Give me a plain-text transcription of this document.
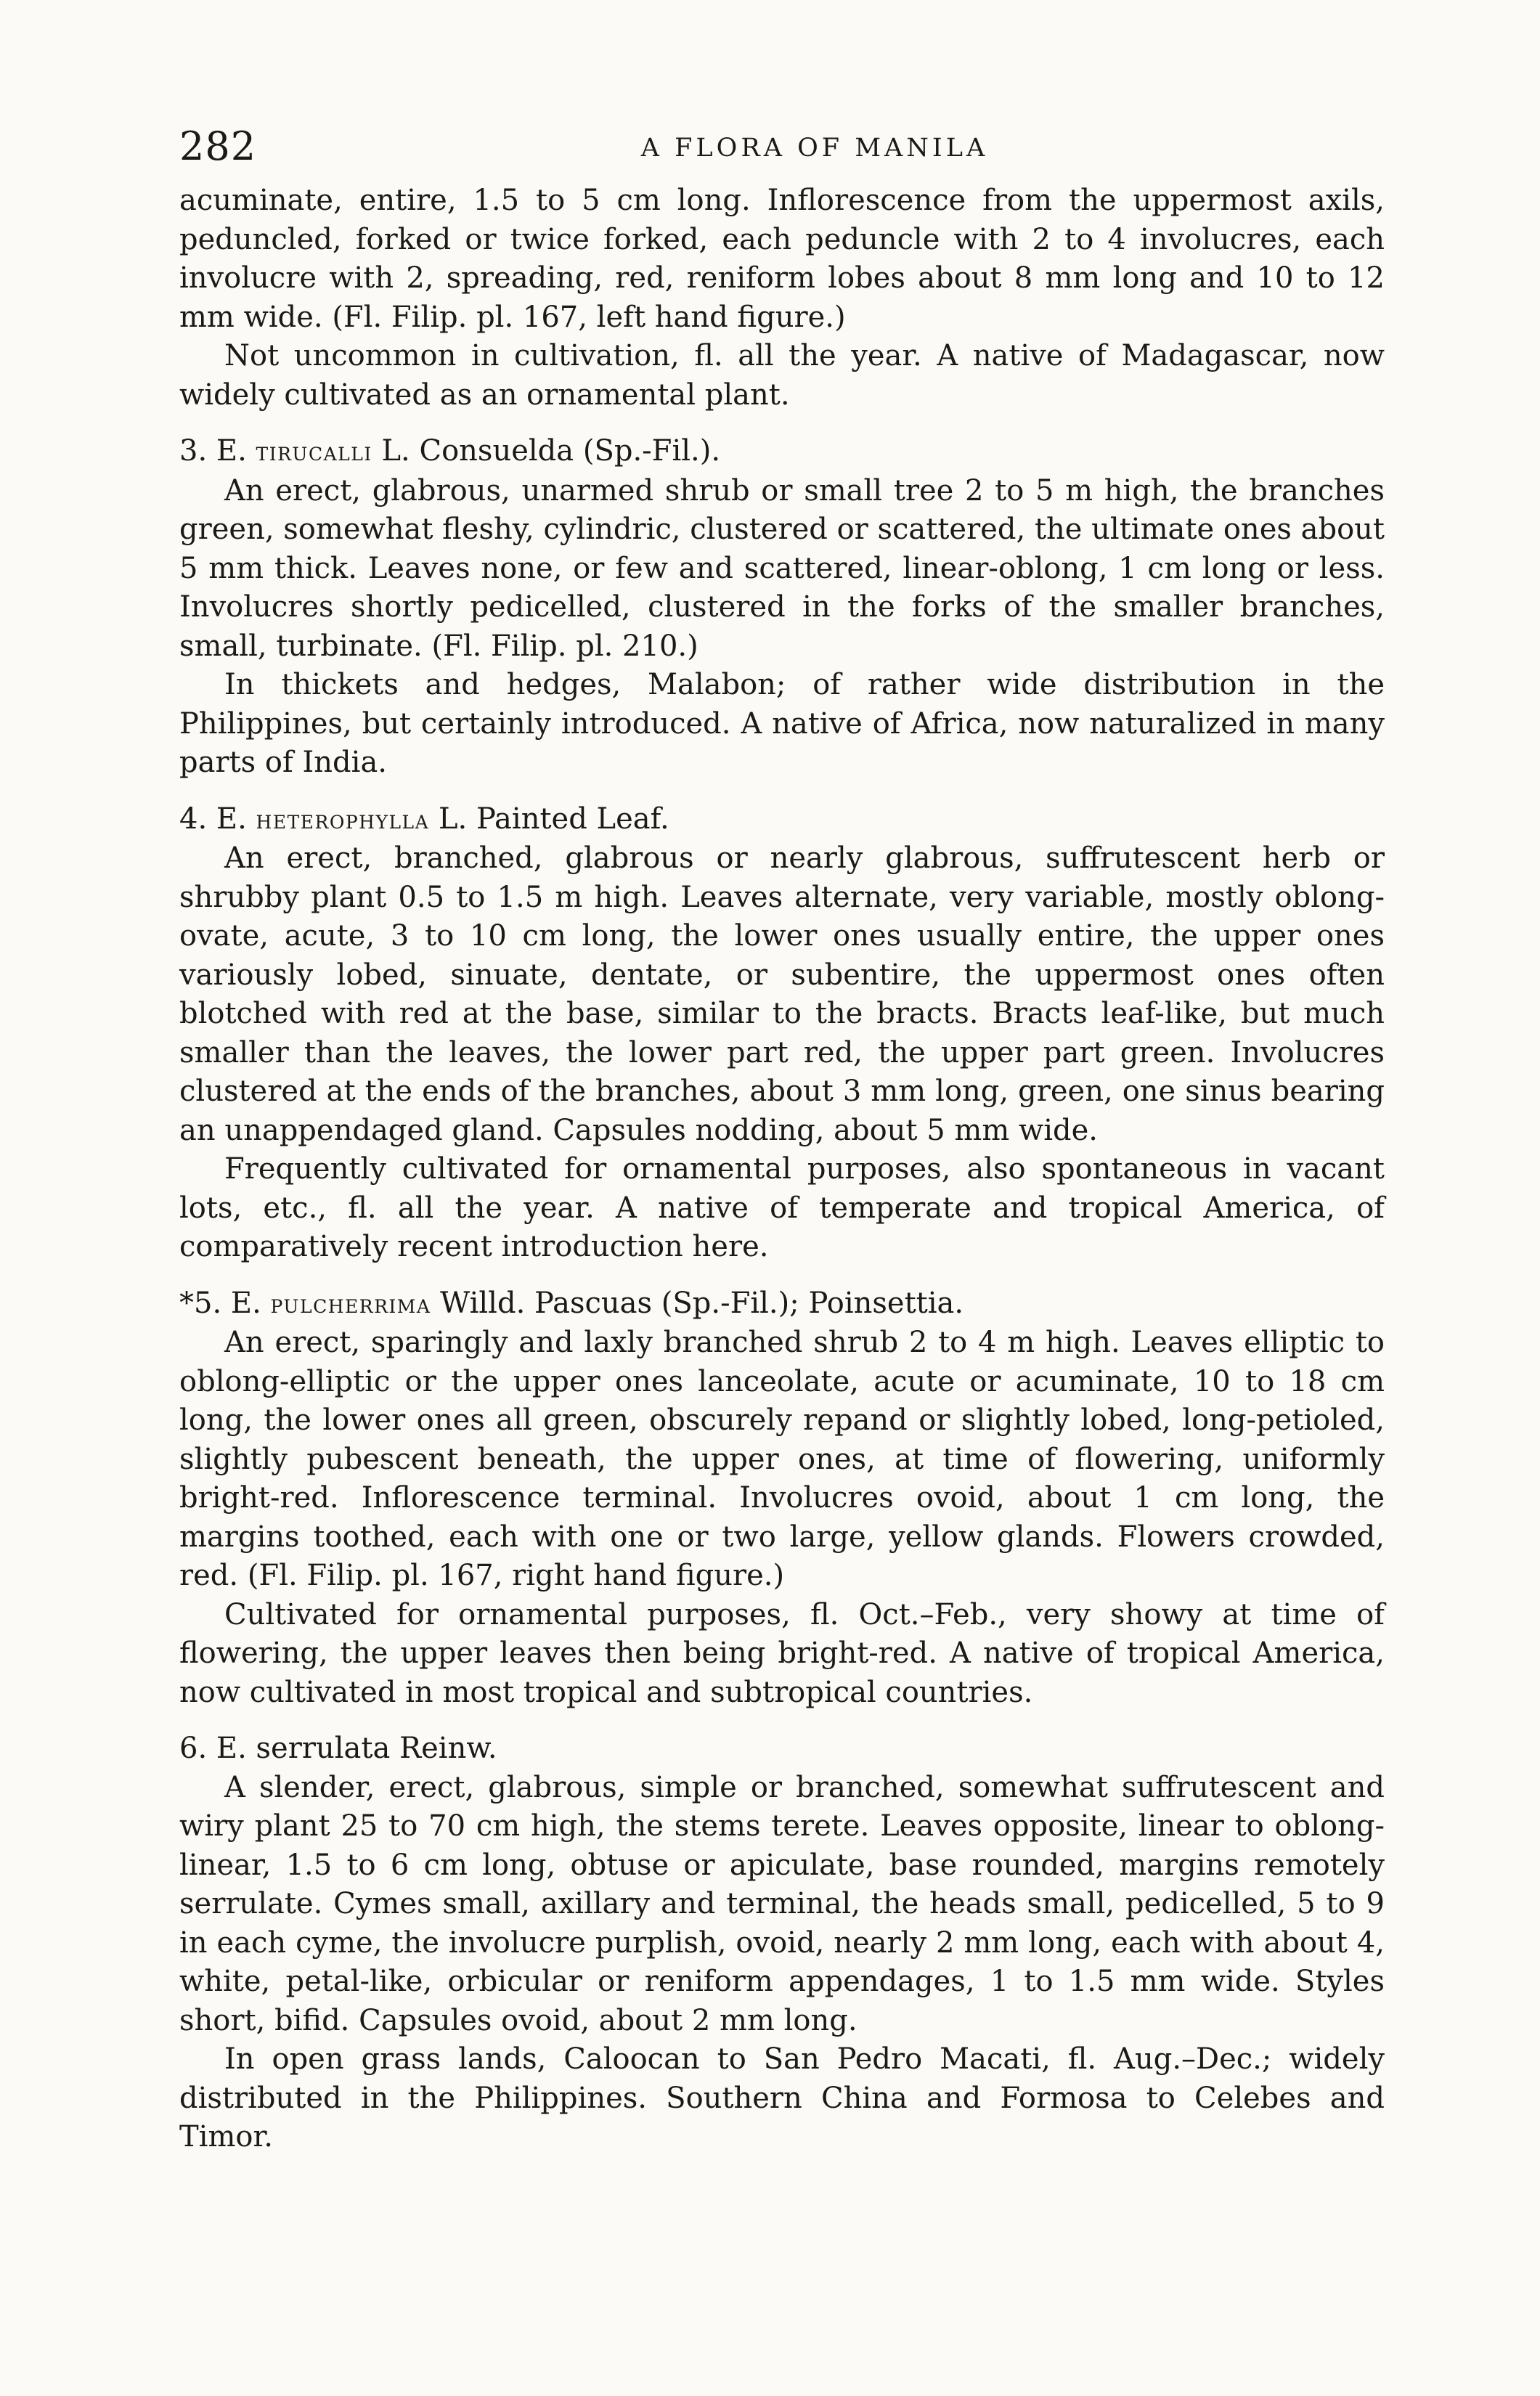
282	A FLORA OF MANILA

acuminate, entire, 1.5 to 5 cm long. Inflorescence from the uppermost axils, peduncled, forked or twice forked, each peduncle with 2 to 4 involucres, each involucre with 2, spreading, red, reniform lobes about 8 mm long and 10 to 12 mm wide. (Fl. Filip. pl. 167, left hand figure.)

Not uncommon in cultivation, fl. all the year. A native of Madagascar, now widely cultivated as an ornamental plant.

3. E. tirucalli L. Consuelda (Sp.-Fil.).

An erect, glabrous, unarmed shrub or small tree 2 to 5 m high, the branches green, somewhat fleshy, cylindric, clustered or scattered, the ultimate ones about 5 mm thick. Leaves none, or few and scattered, linear-oblong, 1 cm long or less. Involucres shortly pedicelled, clustered in the forks of the smaller branches, small, turbinate. (Fl. Filip. pl. 210.)

In thickets and hedges, Malabon; of rather wide distribution in the Philippines, but certainly introduced. A native of Africa, now naturalized in many parts of India.

4. E. heterophylla L. Painted Leaf.

An erect, branched, glabrous or nearly glabrous, suffrutescent herb or shrubby plant 0.5 to 1.5 m high. Leaves alternate, very variable, mostly oblong-ovate, acute, 3 to 10 cm long, the lower ones usually entire, the upper ones variously lobed, sinuate, dentate, or subentire, the uppermost ones often blotched with red at the base, similar to the bracts. Bracts leaf-like, but much smaller than the leaves, the lower part red, the upper part green. Involucres clustered at the ends of the branches, about 3 mm long, green, one sinus bearing an unappendaged gland. Capsules nodding, about 5 mm wide.

Frequently cultivated for ornamental purposes, also spontaneous in vacant lots, etc., fl. all the year. A native of temperate and tropical America, of comparatively recent introduction here.

*5. E. pulcherrima Willd. Pascuas (Sp.-Fil.); Poinsettia.

An erect, sparingly and laxly branched shrub 2 to 4 m high. Leaves elliptic to oblong-elliptic or the upper ones lanceolate, acute or acuminate, 10 to 18 cm long, the lower ones all green, obscurely repand or slightly lobed, long-petioled, slightly pubescent beneath, the upper ones, at time of flowering, uniformly bright-red. Inflorescence terminal. Involucres ovoid, about 1 cm long, the margins toothed, each with one or two large, yellow glands. Flowers crowded, red. (Fl. Filip. pl. 167, right hand figure.)

Cultivated for ornamental purposes, fl. Oct.–Feb., very showy at time of flowering, the upper leaves then being bright-red. A native of tropical America, now cultivated in most tropical and subtropical countries.

6. E. serrulata Reinw.

A slender, erect, glabrous, simple or branched, somewhat suffrutescent and wiry plant 25 to 70 cm high, the stems terete. Leaves opposite, linear to oblong-linear, 1.5 to 6 cm long, obtuse or apiculate, base rounded, margins remotely serrulate. Cymes small, axillary and terminal, the heads small, pedicelled, 5 to 9 in each cyme, the involucre purplish, ovoid, nearly 2 mm long, each with about 4, white, petal-like, orbicular or reniform appendages, 1 to 1.5 mm wide. Styles short, bifid. Capsules ovoid, about 2 mm long.

In open grass lands, Caloocan to San Pedro Macati, fl. Aug.–Dec.; widely distributed in the Philippines. Southern China and Formosa to Celebes and Timor.
